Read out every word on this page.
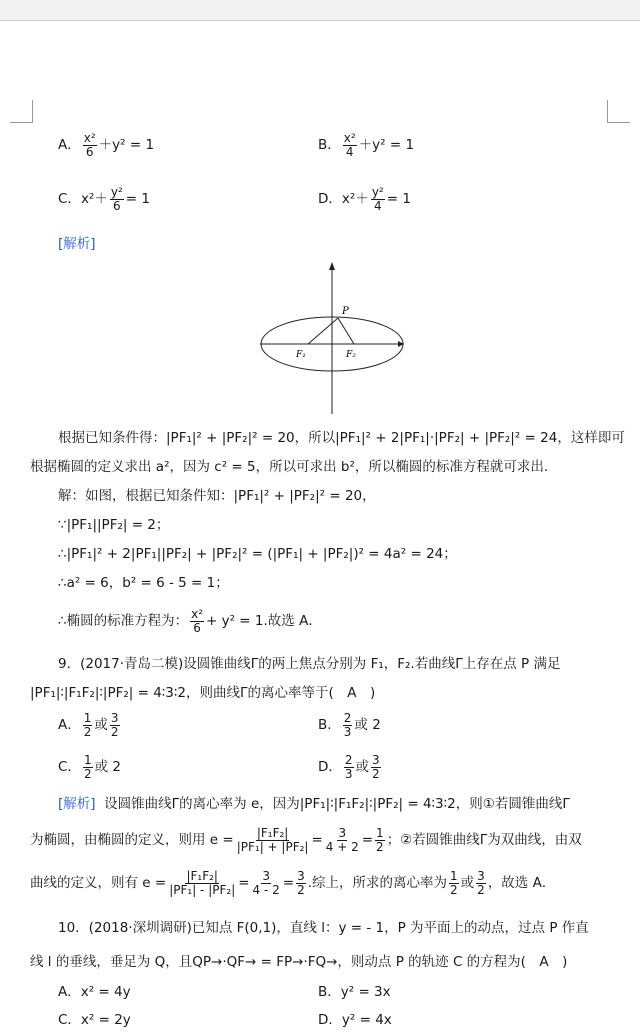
A． $\frac{\text{x²}}{6} +y^2 = 1$	B． $\frac{\text{x²}}{4} +y^2 = 1$
C．$x^2+ \frac{\text{y²}}{6} = 1$	D．$x^2+ \frac{\text{y²}}{4} = 1$
[解析]
P
F₁	F₂
根据已知条件得：|PF₁|² + |PF₂|² = 20，所以|PF₁|² + 2|PF₁|·|PF₂| + |PF₂|² = 24，这样即可
根据椭圆的定义求出 a²，因为 c² = 5，所以可求出 b²，所以椭圆的标准方程就可求出．
解：如图，根据已知条件知：|PF₁|² + |PF₂|² = 20，
∵|PF₁||PF₂| = 2；
∴|PF₁|² + 2|PF₁||PF₂| + |PF₂|² = (|PF₁| + |PF₂|)² = 4a² = 24；
∴a² = 6，b² = 6 - 5 = 1；
∴椭圆的标准方程为： $\frac{\text{x²}}{6} + y^2 = 1$.故选 A．
9．(2017·青岛二模)设圆锥曲线Γ的两上焦点分别为 F₁，F₂.若曲线Γ上存在点 P 满足
|PF₁|∶|F₁F₂|∶|PF₂| = 4∶3∶2，则曲线Γ的离心率等于(　A　)
A． $\frac{1}{2}$ 或 $\frac{3}{2}$	B． $\frac{2}{3}$ 或 2
C． $\frac{1}{2}$ 或 2	D． $\frac{2}{3}$ 或 $\frac{3}{2}$
[解析] 设圆锥曲线Γ的离心率为 e，因为|PF₁|∶|F₁F₂|∶|PF₂| = 4∶3∶2，则①若圆锥曲线Γ
为椭圆，由椭圆的定义，则用 $e = \frac{\text{|F₁F₂|}}{\text{|PF₁| + |PF₂|}} = \frac{3}{4 + 2} = \frac{1}{2}$ ；②若圆锥曲线Γ为双曲线，由双
曲线的定义，则有 $e = \frac{\text{|F₁F₂|}}{\text{|PF₁| - |PF₂|}} = \frac{3}{4 - 2} = \frac{3}{2}$ .综上，所求的离心率为 $\frac{1}{2}$ 或 $\frac{3}{2}$ ，故选 A．
10．(2018·深圳调研)已知点 F(0,1)，直线 l：y = - 1，P 为平面上的动点，过点 P 作直
线 l 的垂线，垂足为 Q，且QP→·QF→ = FP→·FQ→，则动点 P 的轨迹 C 的方程为(　A　)
A．x² = 4y	B．y² = 3x
C．x² = 2y	D．y² = 4x
